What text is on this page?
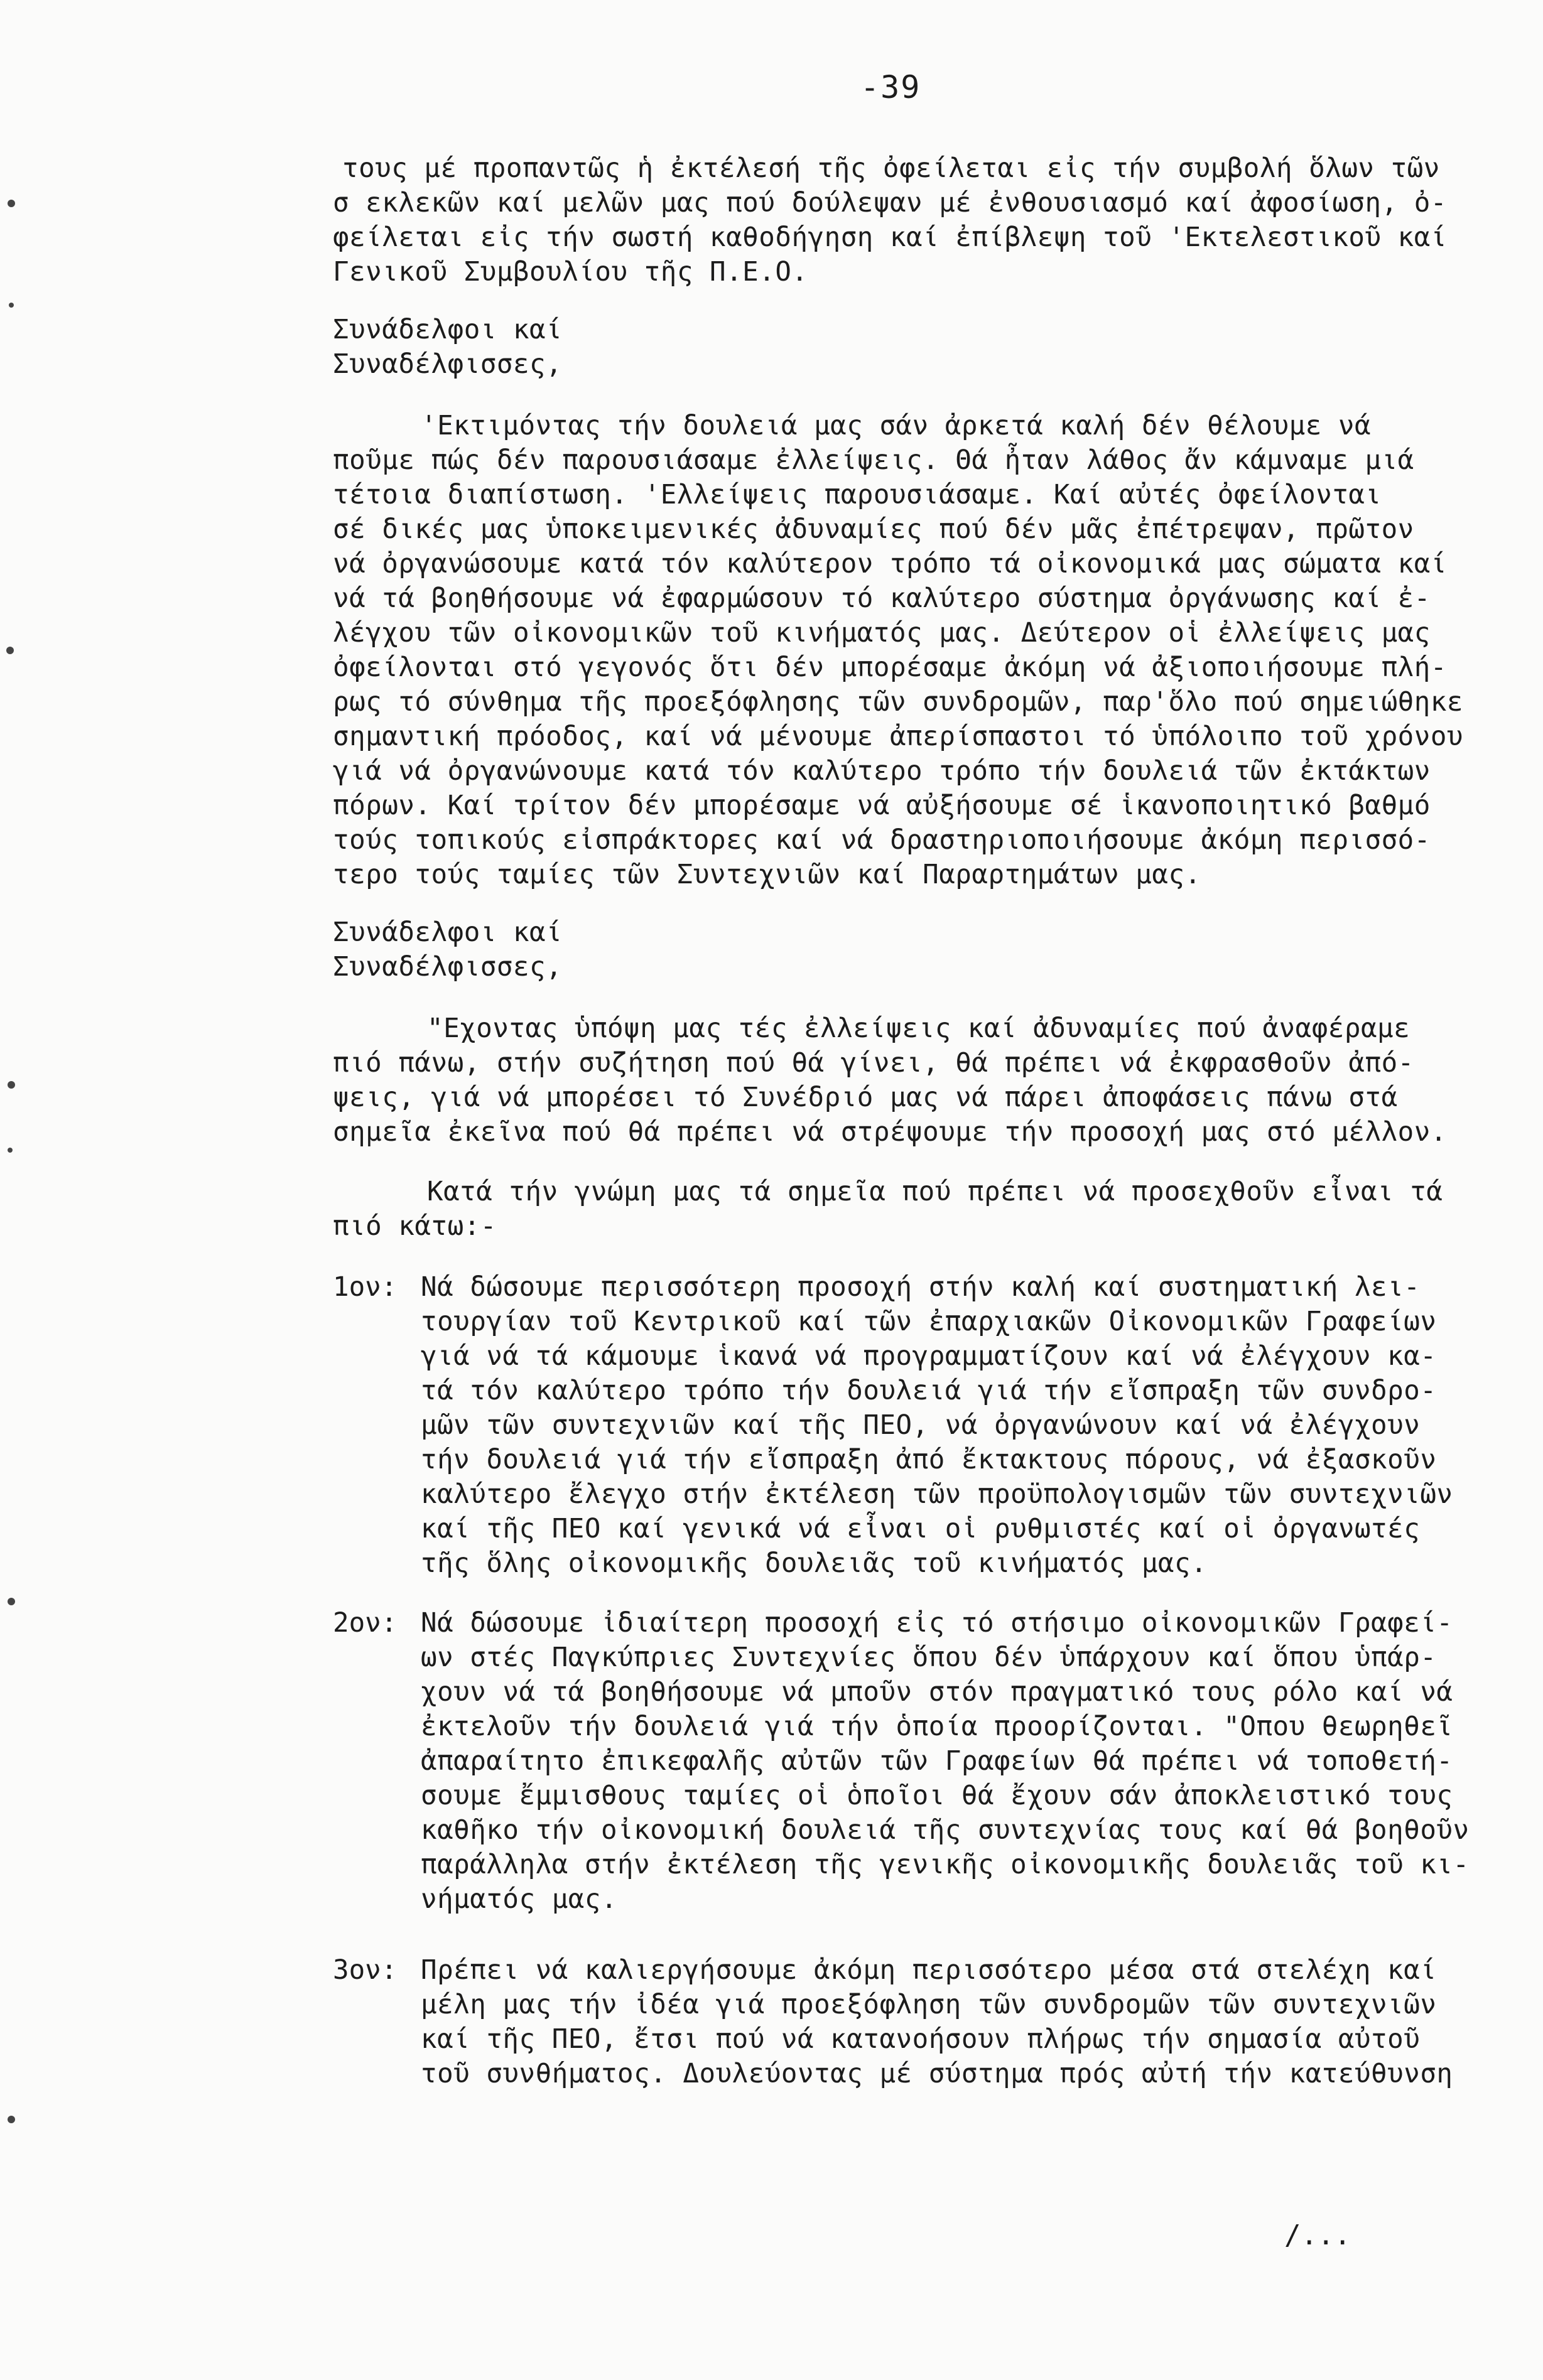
-39
τους μέ προπαντῶς ἡ ἐκτέλεσή τῆς ὀφείλεται εἰς τήν συμβολή ὅλων τῶν
σ εκλεκῶν καί μελῶν μας πού δούλεψαν μέ ἐνθουσιασμό καί ἀφοσίωση, ὀ-
φείλεται εἰς τήν σωστή καθοδήγηση καί ἐπίβλεψη τοῦ 'Εκτελεστικοῦ καί
Γενικοῦ Συμβουλίου τῆς Π.Ε.Ο.
Συνάδελφοι καί
Συναδέλφισσες,
'Εκτιμόντας τήν δουλειά μας σάν ἀρκετά καλή δέν θέλουμε νά
ποῦμε πώς δέν παρουσιάσαμε ἐλλείψεις. Θά ἦταν λάθος ἄν κάμναμε μιά
τέτοια διαπίστωση. 'Ελλείψεις παρουσιάσαμε. Καί αὐτές ὀφείλονται
σέ δικές μας ὑποκειμενικές ἀδυναμίες πού δέν μᾶς ἐπέτρεψαν, πρῶτον
νά ὀργανώσουμε κατά τόν καλύτερον τρόπο τά οἰκονομικά μας σώματα καί
νά τά βοηθήσουμε νά ἐφαρμώσουν τό καλύτερο σύστημα ὀργάνωσης καί ἐ-
λέγχου τῶν οἰκονομικῶν τοῦ κινήματός μας. Δεύτερον οἱ ἐλλείψεις μας
ὀφείλονται στό γεγονός ὅτι δέν μπορέσαμε ἀκόμη νά ἀξιοποιήσουμε πλή-
ρως τό σύνθημα τῆς προεξόφλησης τῶν συνδρομῶν, παρ'ὅλο πού σημειώθηκε
σημαντική πρόοδος, καί νά μένουμε ἀπερίσπαστοι τό ὑπόλοιπο τοῦ χρόνου
γιά νά ὀργανώνουμε κατά τόν καλύτερο τρόπο τήν δουλειά τῶν ἐκτάκτων
πόρων. Καί τρίτον δέν μπορέσαμε νά αὐξήσουμε σέ ἱκανοποιητικό βαθμό
τούς τοπικούς εἰσπράκτορες καί νά δραστηριοποιήσουμε ἀκόμη περισσό-
τερο τούς ταμίες τῶν Συντεχνιῶν καί Παραρτημάτων μας.
Συνάδελφοι καί
Συναδέλφισσες,
"Εχοντας ὑπόψη μας τές ἐλλείψεις καί ἀδυναμίες πού ἀναφέραμε
πιό πάνω, στήν συζήτηση πού θά γίνει, θά πρέπει νά ἐκφρασθοῦν ἀπό-
ψεις, γιά νά μπορέσει τό Συνέδριό μας νά πάρει ἀποφάσεις πάνω στά
σημεῖα ἐκεῖνα πού θά πρέπει νά στρέψουμε τήν προσοχή μας στό μέλλον.
Κατά τήν γνώμη μας τά σημεῖα πού πρέπει νά προσεχθοῦν εἶναι τά
πιό κάτω:-
1ον: Νά δώσουμε περισσότερη προσοχή στήν καλή καί συστηματική λει-
τουργίαν τοῦ Κεντρικοῦ καί τῶν ἐπαρχιακῶν Οἰκονομικῶν Γραφείων
γιά νά τά κάμουμε ἱκανά νά προγραμματίζουν καί νά ἐλέγχουν κα-
τά τόν καλύτερο τρόπο τήν δουλειά γιά τήν εἴσπραξη τῶν συνδρο-
μῶν τῶν συντεχνιῶν καί τῆς ΠΕΟ, νά ὀργανώνουν καί νά ἐλέγχουν
τήν δουλειά γιά τήν εἴσπραξη ἀπό ἔκτακτους πόρους, νά ἐξασκοῦν
καλύτερο ἔλεγχο στήν ἐκτέλεση τῶν προϋπολογισμῶν τῶν συντεχνιῶν
καί τῆς ΠΕΟ καί γενικά νά εἶναι οἱ ρυθμιστές καί οἱ ὀργανωτές
τῆς ὅλης οἰκονομικῆς δουλειᾶς τοῦ κινήματός μας.
2ον: Νά δώσουμε ἰδιαίτερη προσοχή εἰς τό στήσιμο οἰκονομικῶν Γραφεί-
ων στές Παγκύπριες Συντεχνίες ὅπου δέν ὑπάρχουν καί ὅπου ὑπάρ-
χουν νά τά βοηθήσουμε νά μποῦν στόν πραγματικό τους ρόλο καί νά
ἐκτελοῦν τήν δουλειά γιά τήν ὁποία προορίζονται. "Οπου θεωρηθεῖ
ἀπαραίτητο ἐπικεφαλῆς αὐτῶν τῶν Γραφείων θά πρέπει νά τοποθετή-
σουμε ἔμμισθους ταμίες οἱ ὁποῖοι θά ἔχουν σάν ἀποκλειστικό τους
καθῆκο τήν οἰκονομική δουλειά τῆς συντεχνίας τους καί θά βοηθοῦν
παράλληλα στήν ἐκτέλεση τῆς γενικῆς οἰκονομικῆς δουλειᾶς τοῦ κι-
νήματός μας.
3ον: Πρέπει νά καλιεργήσουμε ἀκόμη περισσότερο μέσα στά στελέχη καί
μέλη μας τήν ἰδέα γιά προεξόφληση τῶν συνδρομῶν τῶν συντεχνιῶν
καί τῆς ΠΕΟ, ἔτσι πού νά κατανοήσουν πλήρως τήν σημασία αὐτοῦ
τοῦ συνθήματος. Δουλεύοντας μέ σύστημα πρός αὐτή τήν κατεύθυνση
/...
